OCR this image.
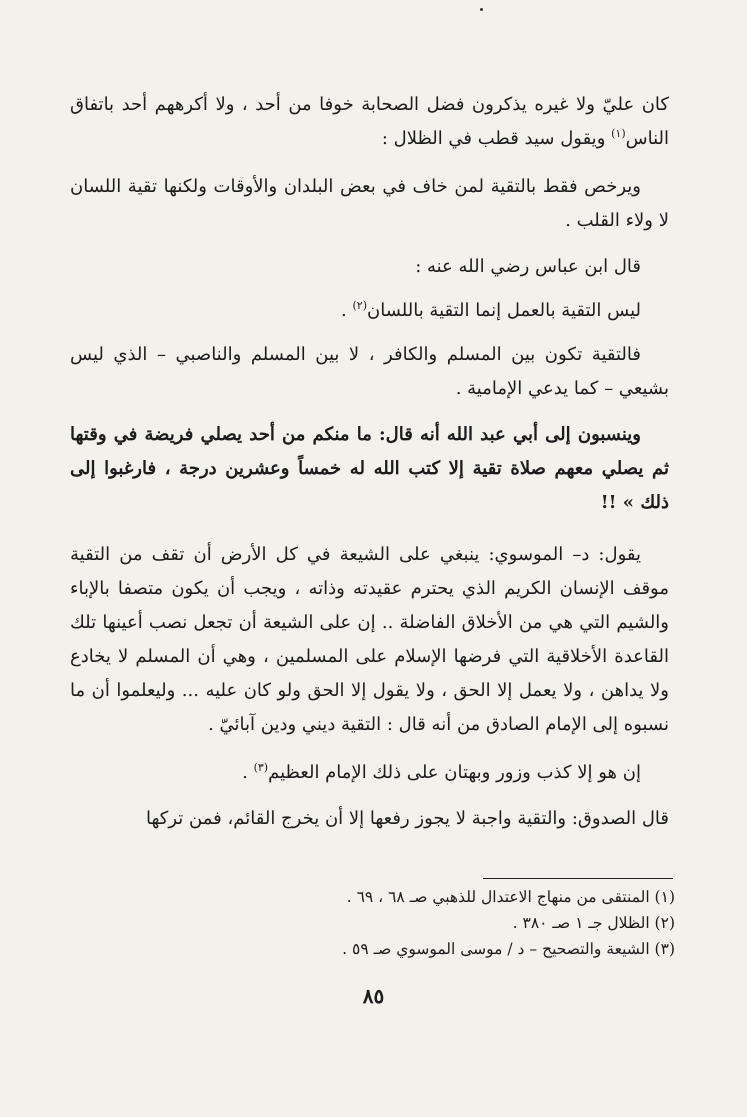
كان عليّ ولا غيره يذكرون فضل الصحابة خوفا من أحد ، ولا أكرههم أحد باتفاق الناس$^{(١)}$ ويقول سيد قطب في الظلال :

ويرخص فقط بالتقية لمن خاف في بعض البلدان والأوقات ولكنها تقية اللسان لا ولاء القلب .

قال ابن عباس رضي الله عنه :

ليس التقية بالعمل إنما التقية باللسان$^{(٢)}$ .

فالتقية تكون بين المسلم والكافر ، لا بين المسلم والناصبي – الذي ليس بشيعي – كما يدعي الإمامية .

وينسبون إلى أبي عبد الله أنه قال: ما منكم من أحد يصلي فريضة في وقتها ثم يصلي معهم صلاة تقية إلا كتب الله له خمساً وعشرين درجة ، فارغبوا إلى ذلك » !!

يقول: د– الموسوي: ينبغي على الشيعة في كل الأرض أن تقف من التقية موقف الإنسان الكريم الذي يحترم عقيدته وذاته ، ويجب أن يكون متصفا بالإباء والشيم التي هي من الأخلاق الفاضلة .. إن على الشيعة أن تجعل نصب أعينها تلك القاعدة الأخلاقية التي فرضها الإسلام على المسلمين ، وهي أن المسلم لا يخادع ولا يداهن ، ولا يعمل إلا الحق ، ولا يقول إلا الحق ولو كان عليه ... وليعلموا أن ما نسبوه إلى الإمام الصادق من أنه قال : التقية ديني ودين آبائيّ .

إن هو إلا كذب وزور وبهتان على ذلك الإمام العظيم$^{(٣)}$ .

قال الصدوق: والتقية واجبة لا يجوز رفعها إلا أن يخرج القائم، فمن تركها

(١) المنتقى من منهاج الاعتدال للذهبي صـ ٦٨ ، ٦٩ .

(٢) الظلال جـ ١ صـ ٣٨٠ .

(٣) الشيعة والتصحيح – د / موسى الموسوي صـ ٥٩ .

٨٥
